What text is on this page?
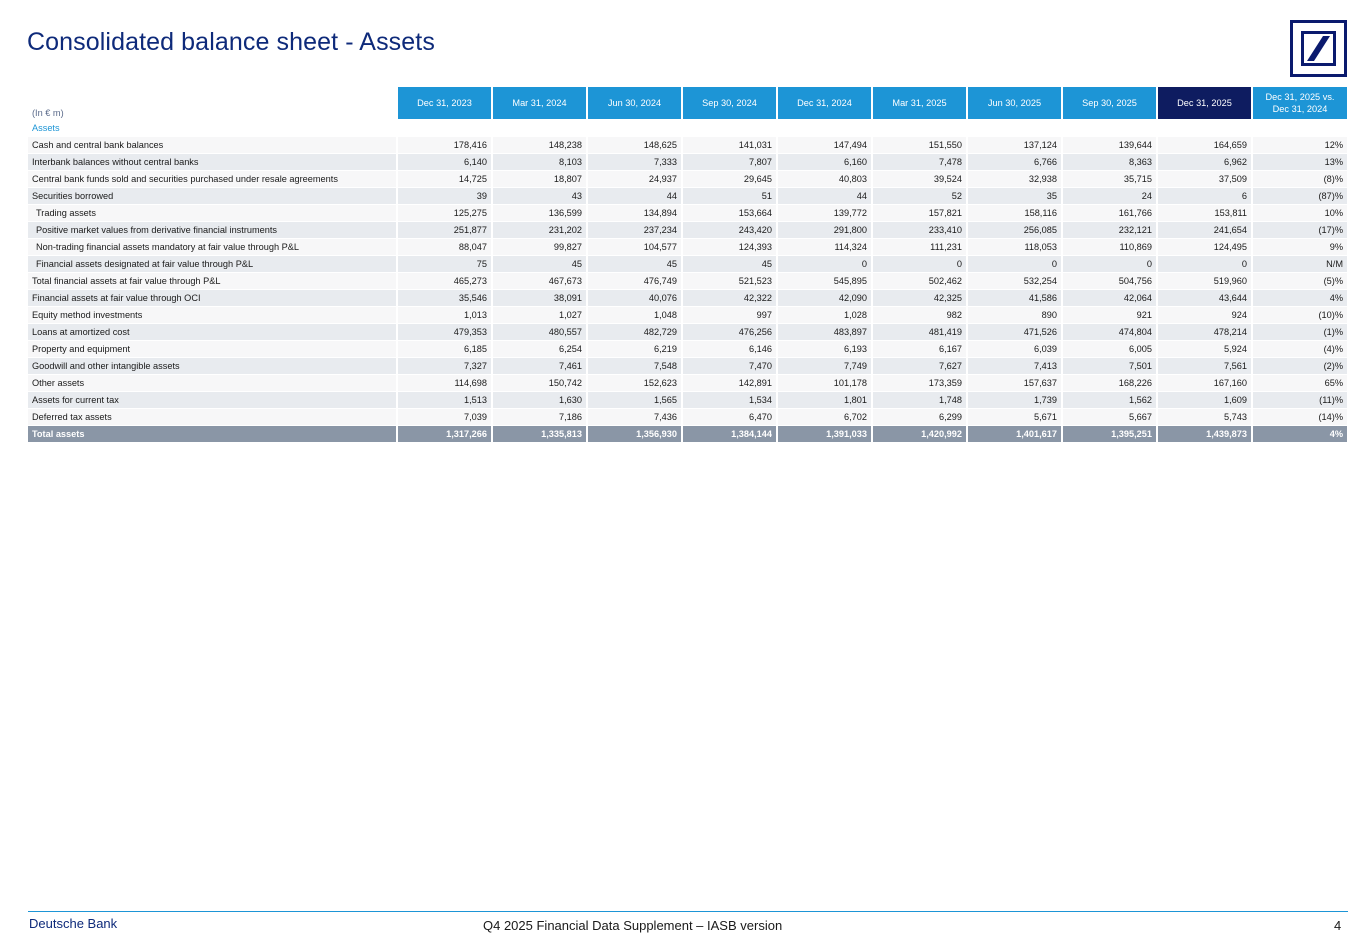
Consolidated balance sheet - Assets
(In € m)	Dec 31, 2023	Mar 31, 2024	Jun 30, 2024	Sep 30, 2024	Dec 31, 2024	Mar 31, 2025	Jun 30, 2025	Sep 30, 2025	Dec 31, 2025	Dec 31, 2025 vs.
Dec 31, 2024

Assets										
Cash and central bank balances	178,416	148,238	148,625	141,031	147,494	151,550	137,124	139,644	164,659	12%
Interbank balances without central banks	6,140	8,103	7,333	7,807	6,160	7,478	6,766	8,363	6,962	13%
Central bank funds sold and securities purchased under resale agreements	14,725	18,807	24,937	29,645	40,803	39,524	32,938	35,715	37,509	(8)%
Securities borrowed	39	43	44	51	44	52	35	24	6	(87)%
Trading assets	125,275	136,599	134,894	153,664	139,772	157,821	158,116	161,766	153,811	10%
Positive market values from derivative financial instruments	251,877	231,202	237,234	243,420	291,800	233,410	256,085	232,121	241,654	(17)%
Non-trading financial assets mandatory at fair value through P&L	88,047	99,827	104,577	124,393	114,324	111,231	118,053	110,869	124,495	9%
Financial assets designated at fair value through P&L	75	45	45	45	0	0	0	0	0	N/M
Total financial assets at fair value through P&L	465,273	467,673	476,749	521,523	545,895	502,462	532,254	504,756	519,960	(5)%
Financial assets at fair value through OCI	35,546	38,091	40,076	42,322	42,090	42,325	41,586	42,064	43,644	4%
Equity method investments	1,013	1,027	1,048	997	1,028	982	890	921	924	(10)%
Loans at amortized cost	479,353	480,557	482,729	476,256	483,897	481,419	471,526	474,804	478,214	(1)%
Property and equipment	6,185	6,254	6,219	6,146	6,193	6,167	6,039	6,005	5,924	(4)%
Goodwill and other intangible assets	7,327	7,461	7,548	7,470	7,749	7,627	7,413	7,501	7,561	(2)%
Other assets	114,698	150,742	152,623	142,891	101,178	173,359	157,637	168,226	167,160	65%
Assets for current tax	1,513	1,630	1,565	1,534	1,801	1,748	1,739	1,562	1,609	(11)%
Deferred tax assets	7,039	7,186	7,436	6,470	6,702	6,299	5,671	5,667	5,743	(14)%
Total assets	1,317,266	1,335,813	1,356,930	1,384,144	1,391,033	1,420,992	1,401,617	1,395,251	1,439,873	4%
Deutsche Bank	Q4 2025 Financial Data Supplement – IASB version	4
